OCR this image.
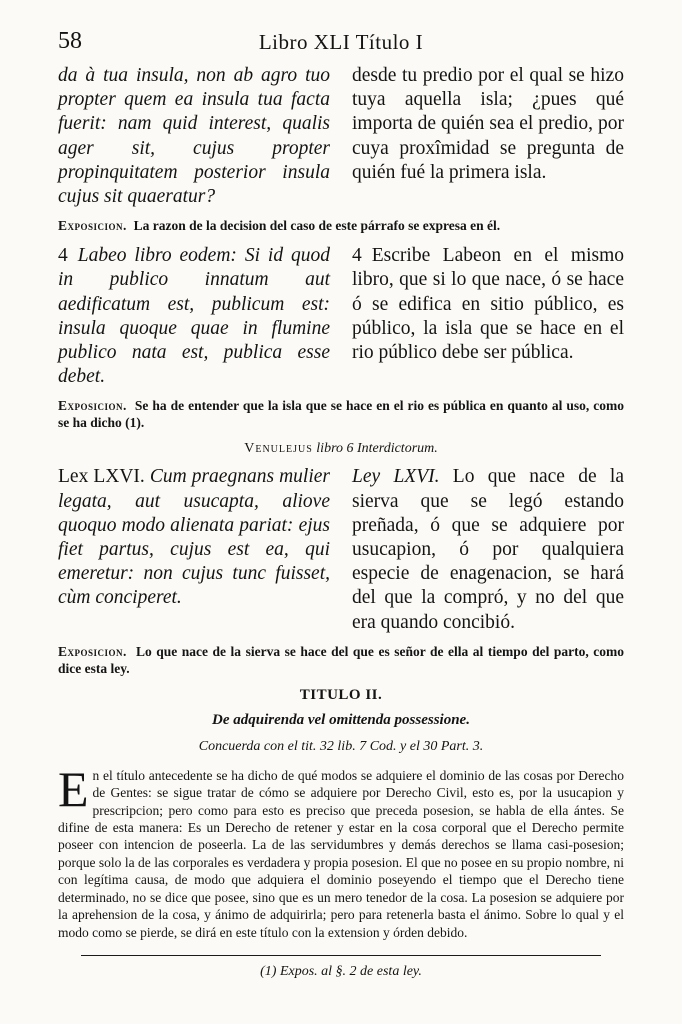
58	Libro XLI Título I

da à tua insula, non ab agro tuo propter quem ea insula tua facta fuerit: nam quid interest, qualis ager sit, cujus propter propinquitatem posterior insula cujus sit quaeratur?

desde tu predio por el qual se hizo tuya aquella isla; ¿pues qué importa de quién sea el predio, por cuya proxîmidad se pregunta de quién fué la primera isla.

Exposicion. La razon de la decision del caso de este párrafo se expresa en él.

4 Labeo libro eodem: Si id quod in publico innatum aut aedificatum est, publicum est: insula quoque quae in flumine publico nata est, publica esse debet.

4 Escribe Labeon en el mismo libro, que si lo que nace, ó se hace ó se edifica en sitio público, es público, la isla que se hace en el rio público debe ser pública.

Exposicion. Se ha de entender que la isla que se hace en el rio es pública en quanto al uso, como se ha dicho (1).
Venulejus libro 6 Interdictorum.

Lex LXVI. Cum praegnans mulier legata, aut usucapta, aliove quoquo modo alienata pariat: ejus fiet partus, cujus est ea, qui emeretur: non cujus tunc fuisset, cùm conciperet.

Ley LXVI. Lo que nace de la sierva que se legó estando preñada, ó que se adquiere por usucapion, ó por qualquiera especie de enagenacion, se hará del que la compró, y no del que era quando concibió.

Exposicion. Lo que nace de la sierva se hace del que es señor de ella al tiempo del parto, como dice esta ley.
TITULO II.
De adquirenda vel omittenda possessione.
Concuerda con el tit. 32 lib. 7 Cod. y el 30 Part. 3.
E n el título antecedente se ha dicho de qué modos se adquiere el dominio de las cosas por Derecho de Gentes: se sigue tratar de cómo se adquiere por Derecho Civil, esto es, por la usucapion y prescripcion; pero como para esto es preciso que preceda posesion, se habla de ella ántes. Se difine de esta manera: Es un Derecho de retener y estar en la cosa corporal que el Derecho permite poseer con intencion de poseerla. La de las servidumbres y demás derechos se llama casi-posesion; porque solo la de las corporales es verdadera y propia posesion. El que no posee en su propio nombre, ni con legítima causa, de modo que adquiera el dominio poseyendo el tiempo que el Derecho tiene determinado, no se dice que posee, sino que es un mero tenedor de la cosa. La posesion se adquiere por la aprehension de la cosa, y ánimo de adquirirla; pero para retenerla basta el ánimo. Sobre lo qual y el modo como se pierde, se dirá en este título con la extension y órden debido.
(1) Expos. al §. 2 de esta ley.
